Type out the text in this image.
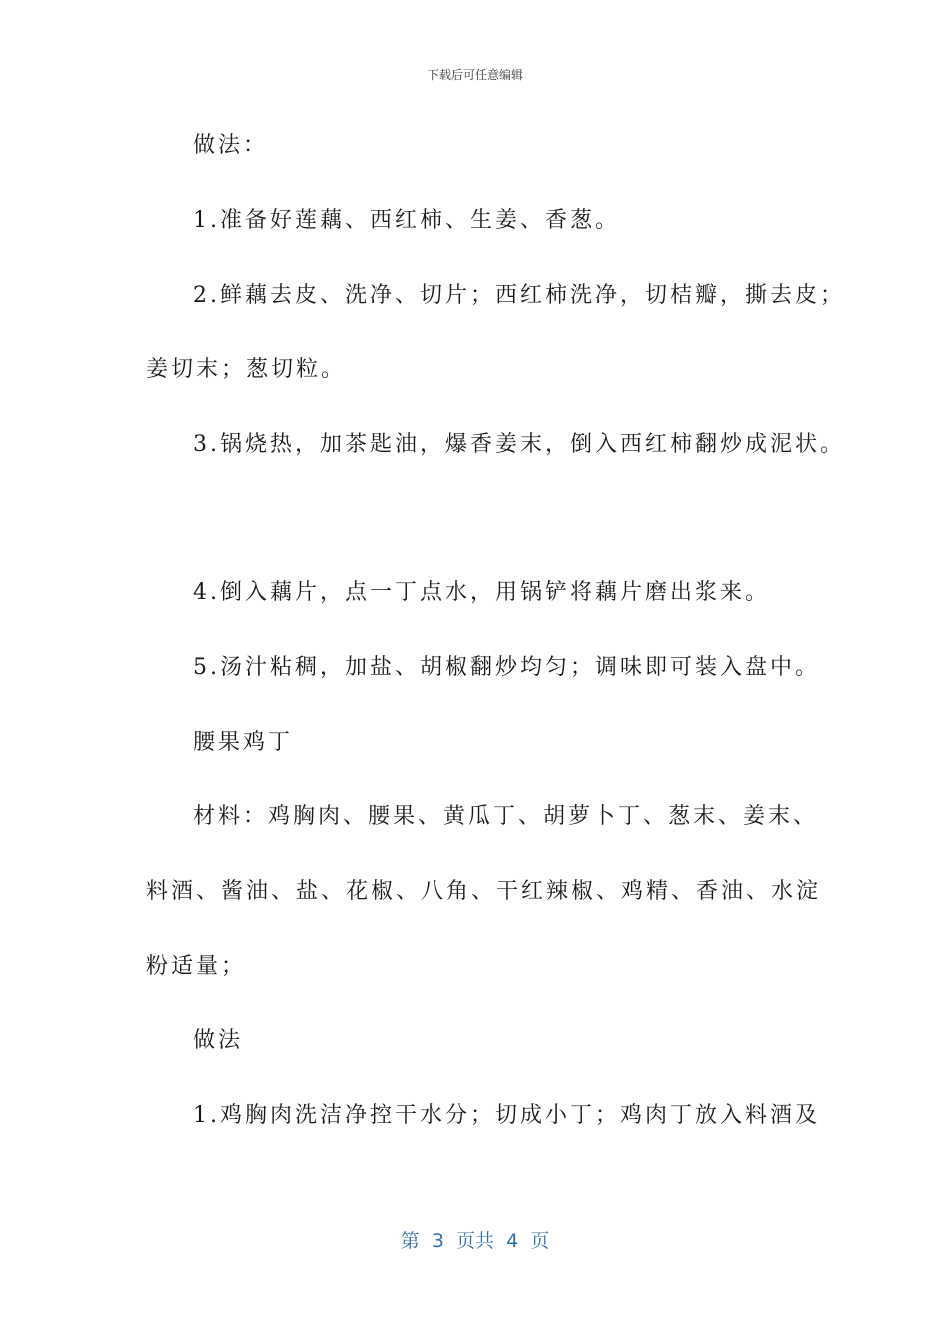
下载后可任意编辑
做法：
1.准备好莲藕、西红柿、生姜、香葱。
2.鲜藕去皮、洗净、切片；西红柿洗净，切桔瓣，撕去皮；
姜切末；葱切粒。
3.锅烧热，加茶匙油，爆香姜末，倒入西红柿翻炒成泥状。
4.倒入藕片，点一丁点水，用锅铲将藕片磨出浆来。
5.汤汁粘稠，加盐、胡椒翻炒均匀；调味即可装入盘中。
腰果鸡丁
材料：鸡胸肉、腰果、黄瓜丁、胡萝卜丁、葱末、姜末、
料酒、酱油、盐、花椒、八角、干红辣椒、鸡精、香油、水淀
粉适量；
做法
1.鸡胸肉洗洁净控干水分；切成小丁；鸡肉丁放入料酒及
第  3  页共  4  页
